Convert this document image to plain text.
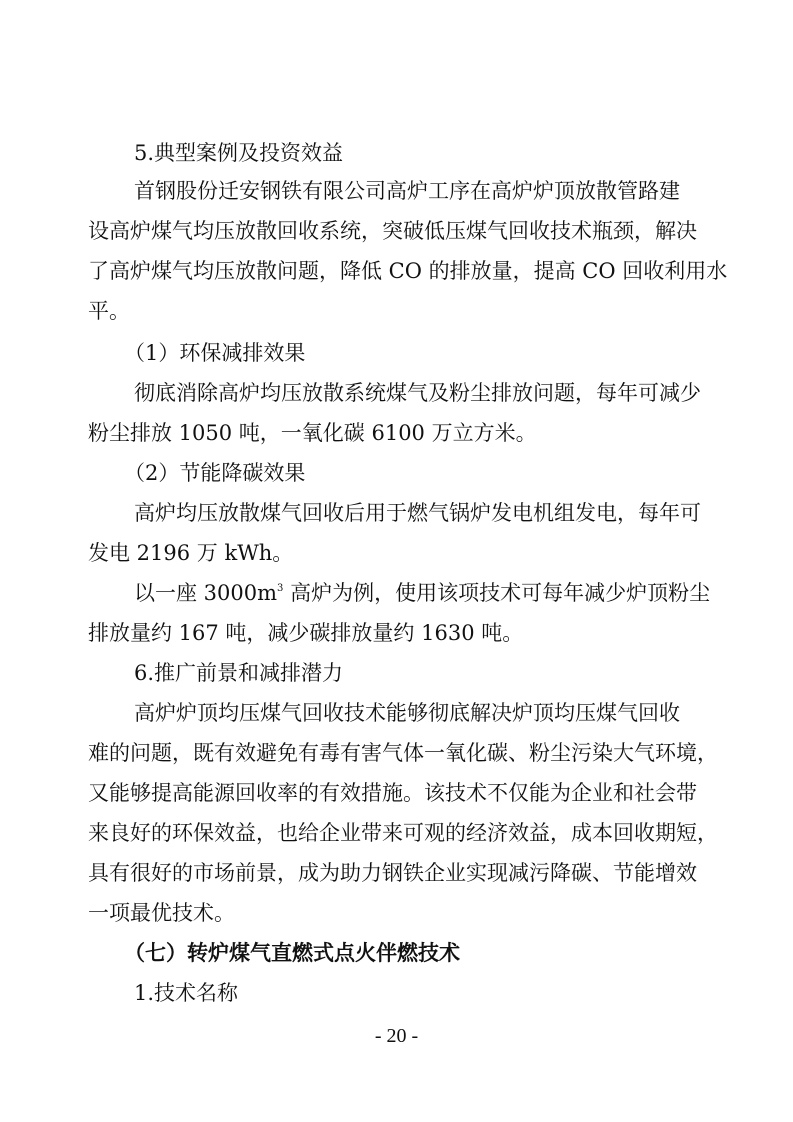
5.典型案例及投资效益
首钢股份迁安钢铁有限公司高炉工序在高炉炉顶放散管路建
设高炉煤气均压放散回收系统，突破低压煤气回收技术瓶颈，解决
了高炉煤气均压放散问题，降低 CO 的排放量，提高 CO 回收利用水
平。
（1）环保减排效果
彻底消除高炉均压放散系统煤气及粉尘排放问题，每年可减少
粉尘排放 1050 吨，一氧化碳 6100 万立方米。
（2）节能降碳效果
高炉均压放散煤气回收后用于燃气锅炉发电机组发电，每年可
发电 2196 万 kWh。
以一座 $3000m^3$ 高炉为例，使用该项技术可每年减少炉顶粉尘
排放量约 167 吨，减少碳排放量约 1630 吨。
6.推广前景和减排潜力
高炉炉顶均压煤气回收技术能够彻底解决炉顶均压煤气回收
难的问题，既有效避免有毒有害气体一氧化碳、粉尘污染大气环境，
又能够提高能源回收率的有效措施。该技术不仅能为企业和社会带
来良好的环保效益，也给企业带来可观的经济效益，成本回收期短，
具有很好的市场前景，成为助力钢铁企业实现减污降碳、节能增效
一项最优技术。
（七）转炉煤气直燃式点火伴燃技术
1.技术名称
- 20 -
